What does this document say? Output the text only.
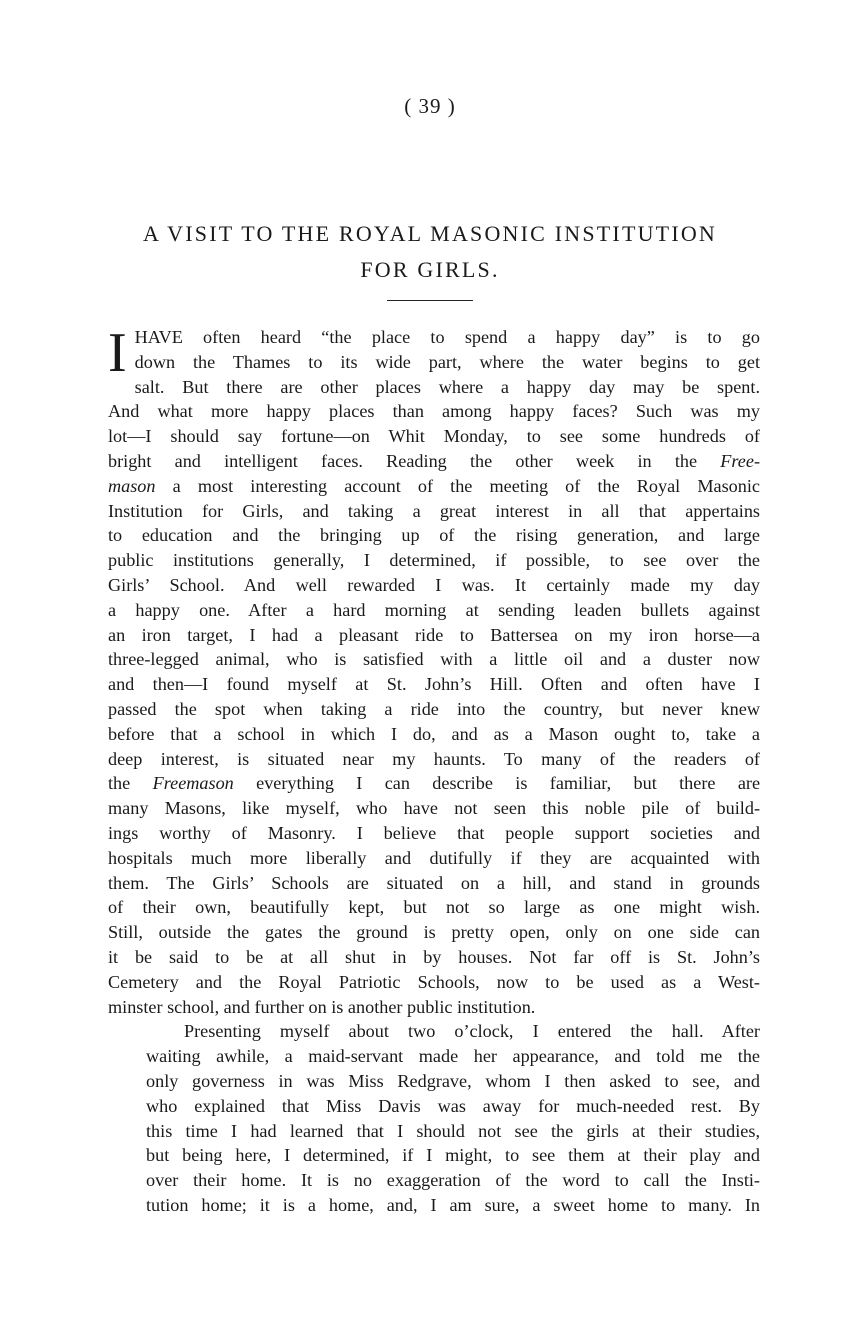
( 39 )
A VISIT TO THE ROYAL MASONIC INSTITUTION
FOR GIRLS.

I HAVE often heard “the place to spend a happy day” is to go
down the Thames to its wide part, where the water begins to get
salt. But there are other places where a happy day may be spent.
And what more happy places than among happy faces? Such was my
lot—I should say fortune—on Whit Monday, to see some hundreds of
bright and intelligent faces. Reading the other week in the Free-
mason a most interesting account of the meeting of the Royal Masonic
Institution for Girls, and taking a great interest in all that appertains
to education and the bringing up of the rising generation, and large
public institutions generally, I determined, if possible, to see over the
Girls’ School. And well rewarded I was. It certainly made my day
a happy one. After a hard morning at sending leaden bullets against
an iron target, I had a pleasant ride to Battersea on my iron horse—a
three-legged animal, who is satisfied with a little oil and a duster now
and then—I found myself at St. John’s Hill. Often and often have I
passed the spot when taking a ride into the country, but never knew
before that a school in which I do, and as a Mason ought to, take a
deep interest, is situated near my haunts. To many of the readers of
the Freemason everything I can describe is familiar, but there are
many Masons, like myself, who have not seen this noble pile of build-
ings worthy of Masonry. I believe that people support societies and
hospitals much more liberally and dutifully if they are acquainted with
them. The Girls’ Schools are situated on a hill, and stand in grounds
of their own, beautifully kept, but not so large as one might wish.
Still, outside the gates the ground is pretty open, only on one side can
it be said to be at all shut in by houses. Not far off is St. John’s
Cemetery and the Royal Patriotic Schools, now to be used as a West-
minster school, and further on is another public institution.

Presenting myself about two o’clock, I entered the hall. After
waiting awhile, a maid-servant made her appearance, and told me the
only governess in was Miss Redgrave, whom I then asked to see, and
who explained that Miss Davis was away for much-needed rest. By
this time I had learned that I should not see the girls at their studies,
but being here, I determined, if I might, to see them at their play and
over their home. It is no exaggeration of the word to call the Insti-
tution home; it is a home, and, I am sure, a sweet home to many. In
